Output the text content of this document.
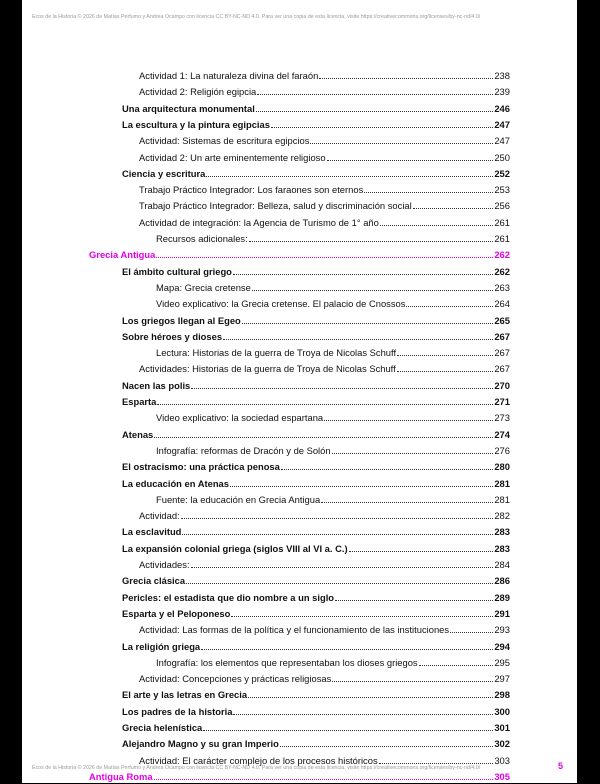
Ecos de la Historia © 2026 de Matías Perfumo y Andrea Ocampo con licencia CC BY-NC-ND 4.0. Para ver una copia de esta licencia, visite https://creativecommons.org/licenses/by-nc-nd/4.0/
Actividad 1: La naturaleza divina del faraón	238
Actividad 2: Religión egipcia	239
Una arquitectura monumental	246
La escultura y la pintura egipcias	247
Actividad: Sistemas de escritura egipcios	247
Actividad 2: Un arte eminentemente religioso	250
Ciencia y escritura	252
Trabajo Práctico Integrador: Los faraones son eternos	253
Trabajo Práctico Integrador: Belleza, salud y discriminación social	256
Actividad de integración: la Agencia de Turismo de 1° año	261
Recursos adicionales:	261
Grecia Antigua	262
El ámbito cultural griego	262
Mapa: Grecia cretense	263
Video explicativo: la Grecia cretense. El palacio de Cnossos	264
Los griegos llegan al Egeo	265
Sobre héroes y dioses	267
Lectura: Historias de la guerra de Troya de Nicolas Schuff	267
Actividades: Historias de la guerra de Troya de Nicolas Schuff	267
Nacen las polis	270
Esparta	271
Video explicativo: la sociedad espartana	273
Atenas	274
Infografía: reformas de Dracón y de Solón	276
El ostracismo: una práctica penosa	280
La educación en Atenas	281
Fuente: la educación en Grecia Antigua	281
Actividad:	282
La esclavitud	283
La expansión colonial griega (siglos VIII al VI a. C.)	283
Actividades:	284
Grecia clásica	286
Pericles: el estadista que dio nombre a un siglo	289
Esparta y el Peloponeso	291
Actividad: Las formas de la política y el funcionamiento de las instituciones	293
La religión griega	294
Infografía: los elementos que representaban los dioses griegos	295
Actividad: Concepciones y prácticas religiosas	297
El arte y las letras en Grecia	298
Los padres de la historia	300
Grecia helenística	301
Alejandro Magno y su gran Imperio	302
Actividad: El carácter complejo de los procesos históricos	303
Antigua Roma	305
Ecos de la Historia © 2026 de Matías Perfumo y Andrea Ocampo con licencia CC BY-NC-ND 4.0. Para ver una copia de esta licencia, visite https://creativecommons.org/licenses/by-nc-nd/4.0/	5
